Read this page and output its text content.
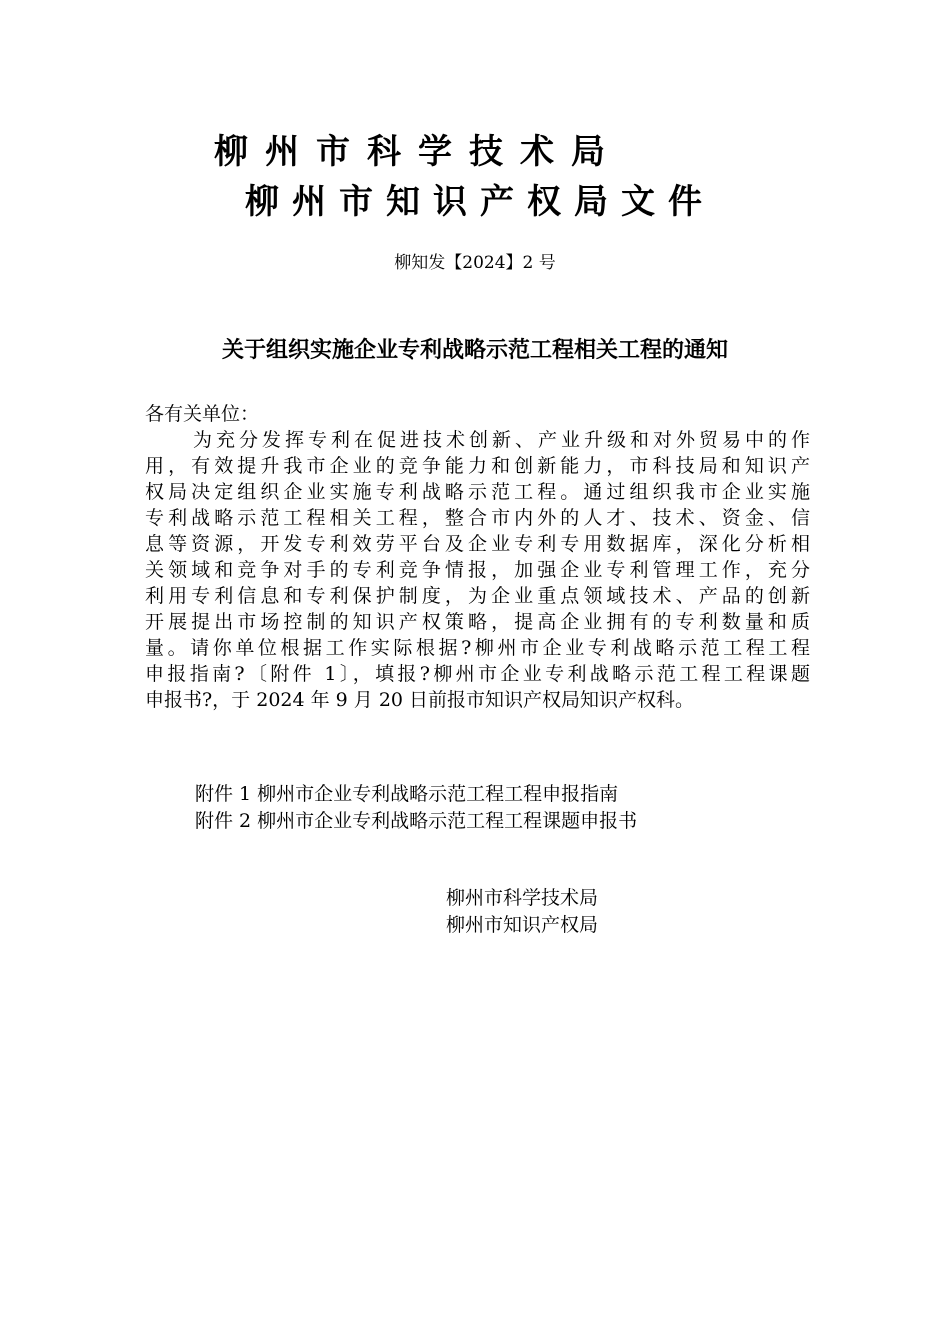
柳州市科学技术局
柳州市知识产权局文件
柳知发【2024】2 号
关于组织实施企业专利战略示范工程相关工程的通知
各有关单位：
为充分发挥专利在促进技术创新、产业升级和对外贸易中的作
用，有效提升我市企业的竞争能力和创新能力，市科技局和知识产
权局决定组织企业实施专利战略示范工程。通过组织我市企业实施
专利战略示范工程相关工程，整合市内外的人才、技术、资金、信
息等资源，开发专利效劳平台及企业专利专用数据库，深化分析相
关领域和竞争对手的专利竞争情报，加强企业专利管理工作，充分
利用专利信息和专利保护制度，为企业重点领域技术、产品的创新
开展提出市场控制的知识产权策略，提高企业拥有的专利数量和质
量。请你单位根据工作实际根据?柳州市企业专利战略示范工程工程
申报指南?〔附件 1〕，填报?柳州市企业专利战略示范工程工程课题
申报书?，于 2024 年 9 月 20 日前报市知识产权局知识产权科。
附件 1 柳州市企业专利战略示范工程工程申报指南
附件 2 柳州市企业专利战略示范工程工程课题申报书
柳州市科学技术局
柳州市知识产权局
